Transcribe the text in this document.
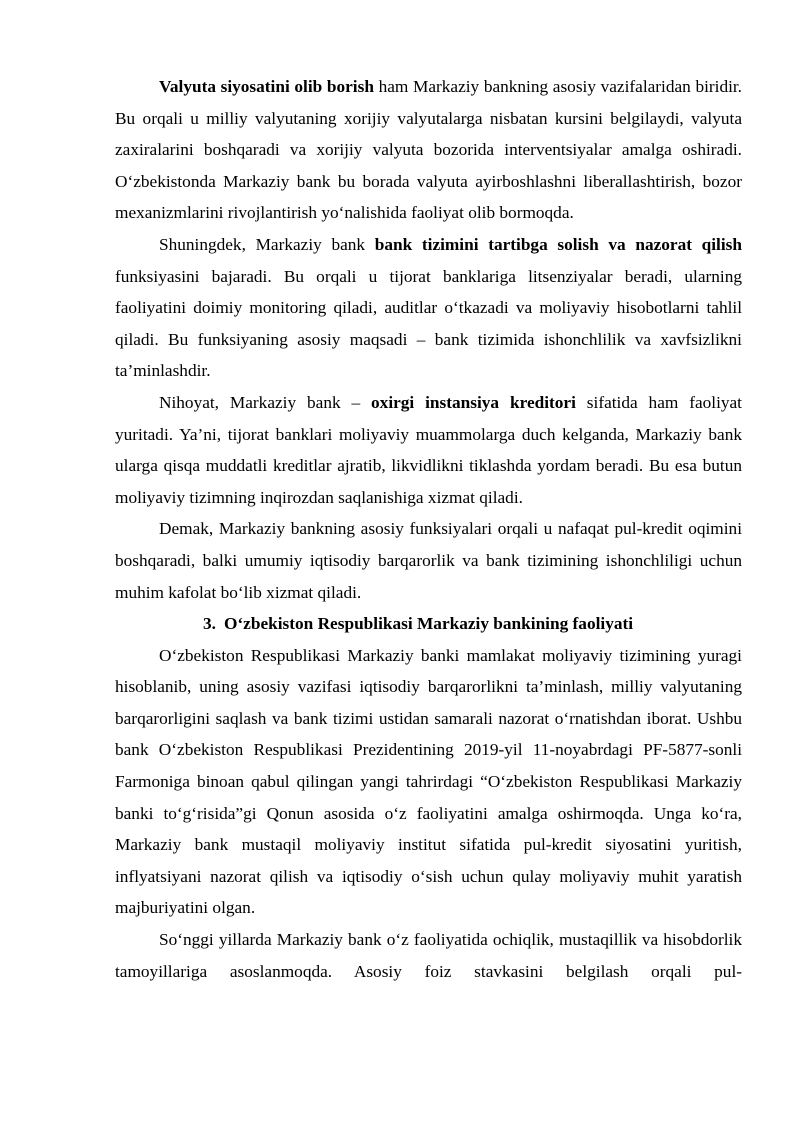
Valyuta siyosatini olib borish ham Markaziy bankning asosiy vazifalaridan biridir. Bu orqali u milliy valyutaning xorijiy valyutalarga nisbatan kursini belgilaydi, valyuta zaxiralarini boshqaradi va xorijiy valyuta bozorida interventsiyalar amalga oshiradi. O‘zbekistonda Markaziy bank bu borada valyuta ayirboshlashni liberallashtirish, bozor mexanizmlarini rivojlantirish yo‘nalishida faoliyat olib bormoqda.

Shuningdek, Markaziy bank bank tizimini tartibga solish va nazorat qilish funksiyasini bajaradi. Bu orqali u tijorat banklariga litsenziyalar beradi, ularning faoliyatini doimiy monitoring qiladi, auditlar o‘tkazadi va moliyaviy hisobotlarni tahlil qiladi. Bu funksiyaning asosiy maqsadi – bank tizimida ishonchlilik va xavfsizlikni ta’minlashdir.

Nihoyat, Markaziy bank – oxirgi instansiya kreditori sifatida ham faoliyat yuritadi. Ya’ni, tijorat banklari moliyaviy muammolarga duch kelganda, Markaziy bank ularga qisqa muddatli kreditlar ajratib, likvidlikni tiklashda yordam beradi. Bu esa butun moliyaviy tizimning inqirozdan saqlanishiga xizmat qiladi.

Demak, Markaziy bankning asosiy funksiyalari orqali u nafaqat pul-kredit oqimini boshqaradi, balki umumiy iqtisodiy barqarorlik va bank tizimining ishonchliligi uchun muhim kafolat bo‘lib xizmat qiladi.

3. O‘zbekiston Respublikasi Markaziy bankining faoliyati

O‘zbekiston Respublikasi Markaziy banki mamlakat moliyaviy tizimining yuragi hisoblanib, uning asosiy vazifasi iqtisodiy barqarorlikni ta’minlash, milliy valyutaning barqarorligini saqlash va bank tizimi ustidan samarali nazorat o‘rnatishdan iborat. Ushbu bank O‘zbekiston Respublikasi Prezidentining 2019-yil 11-noyabrdagi PF-5877-sonli Farmoniga binoan qabul qilingan yangi tahrirdagi “O‘zbekiston Respublikasi Markaziy banki to‘g‘risida”gi Qonun asosida o‘z faoliyatini amalga oshirmoqda. Unga ko‘ra, Markaziy bank mustaqil moliyaviy institut sifatida pul-kredit siyosatini yuritish, inflyatsiyani nazorat qilish va iqtisodiy o‘sish uchun qulay moliyaviy muhit yaratish majburiyatini olgan.

So‘nggi yillarda Markaziy bank o‘z faoliyatida ochiqlik, mustaqillik va hisobdorlik tamoyillariga asoslanmoqda. Asosiy foiz stavkasini belgilash orqali pul-
